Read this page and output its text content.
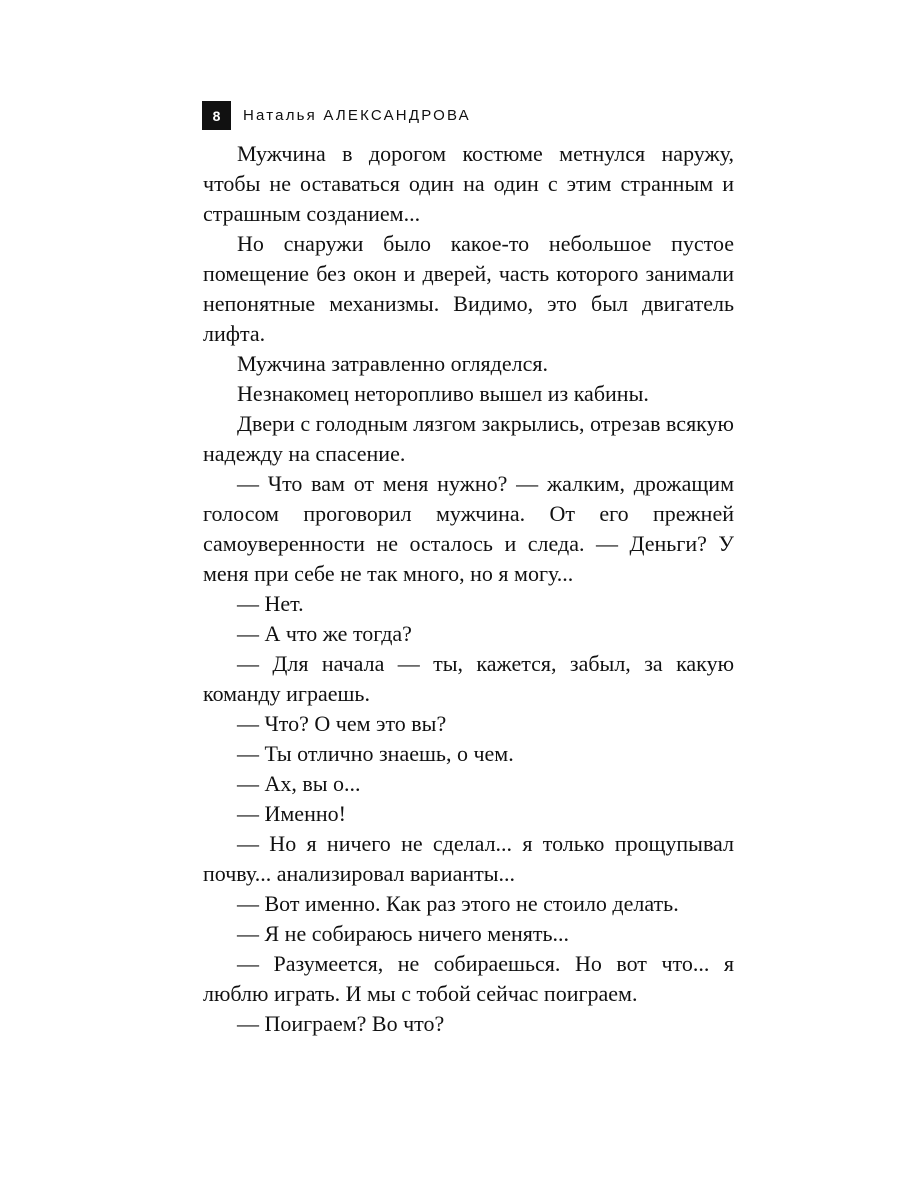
8	Наталья АЛЕКСАНДРОВА

Мужчина в дорогом костюме метнулся наружу, чтобы не оставаться один на один с этим странным и страшным созданием...

Но снаружи было какое-то небольшое пустое помещение без окон и дверей, часть которого занимали непонятные механизмы. Видимо, это был двигатель лифта.

Мужчина затравленно огляделся.

Незнакомец неторопливо вышел из кабины.

Двери с голодным лязгом закрылись, отрезав всякую надежду на спасение.

— Что вам от меня нужно? — жалким, дрожащим голосом проговорил мужчина. От его прежней самоуверенности не осталось и следа. — Деньги? У меня при себе не так много, но я могу...

— Нет.

— А что же тогда?

— Для начала — ты, кажется, забыл, за какую команду играешь.

— Что? О чем это вы?

— Ты отлично знаешь, о чем.

— Ах, вы о...

— Именно!

— Но я ничего не сделал... я только прощупывал почву... анализировал варианты...

— Вот именно. Как раз этого не стоило делать.

— Я не собираюсь ничего менять...

— Разумеется, не собираешься. Но вот что... я люблю играть. И мы с тобой сейчас поиграем.

— Поиграем? Во что?
